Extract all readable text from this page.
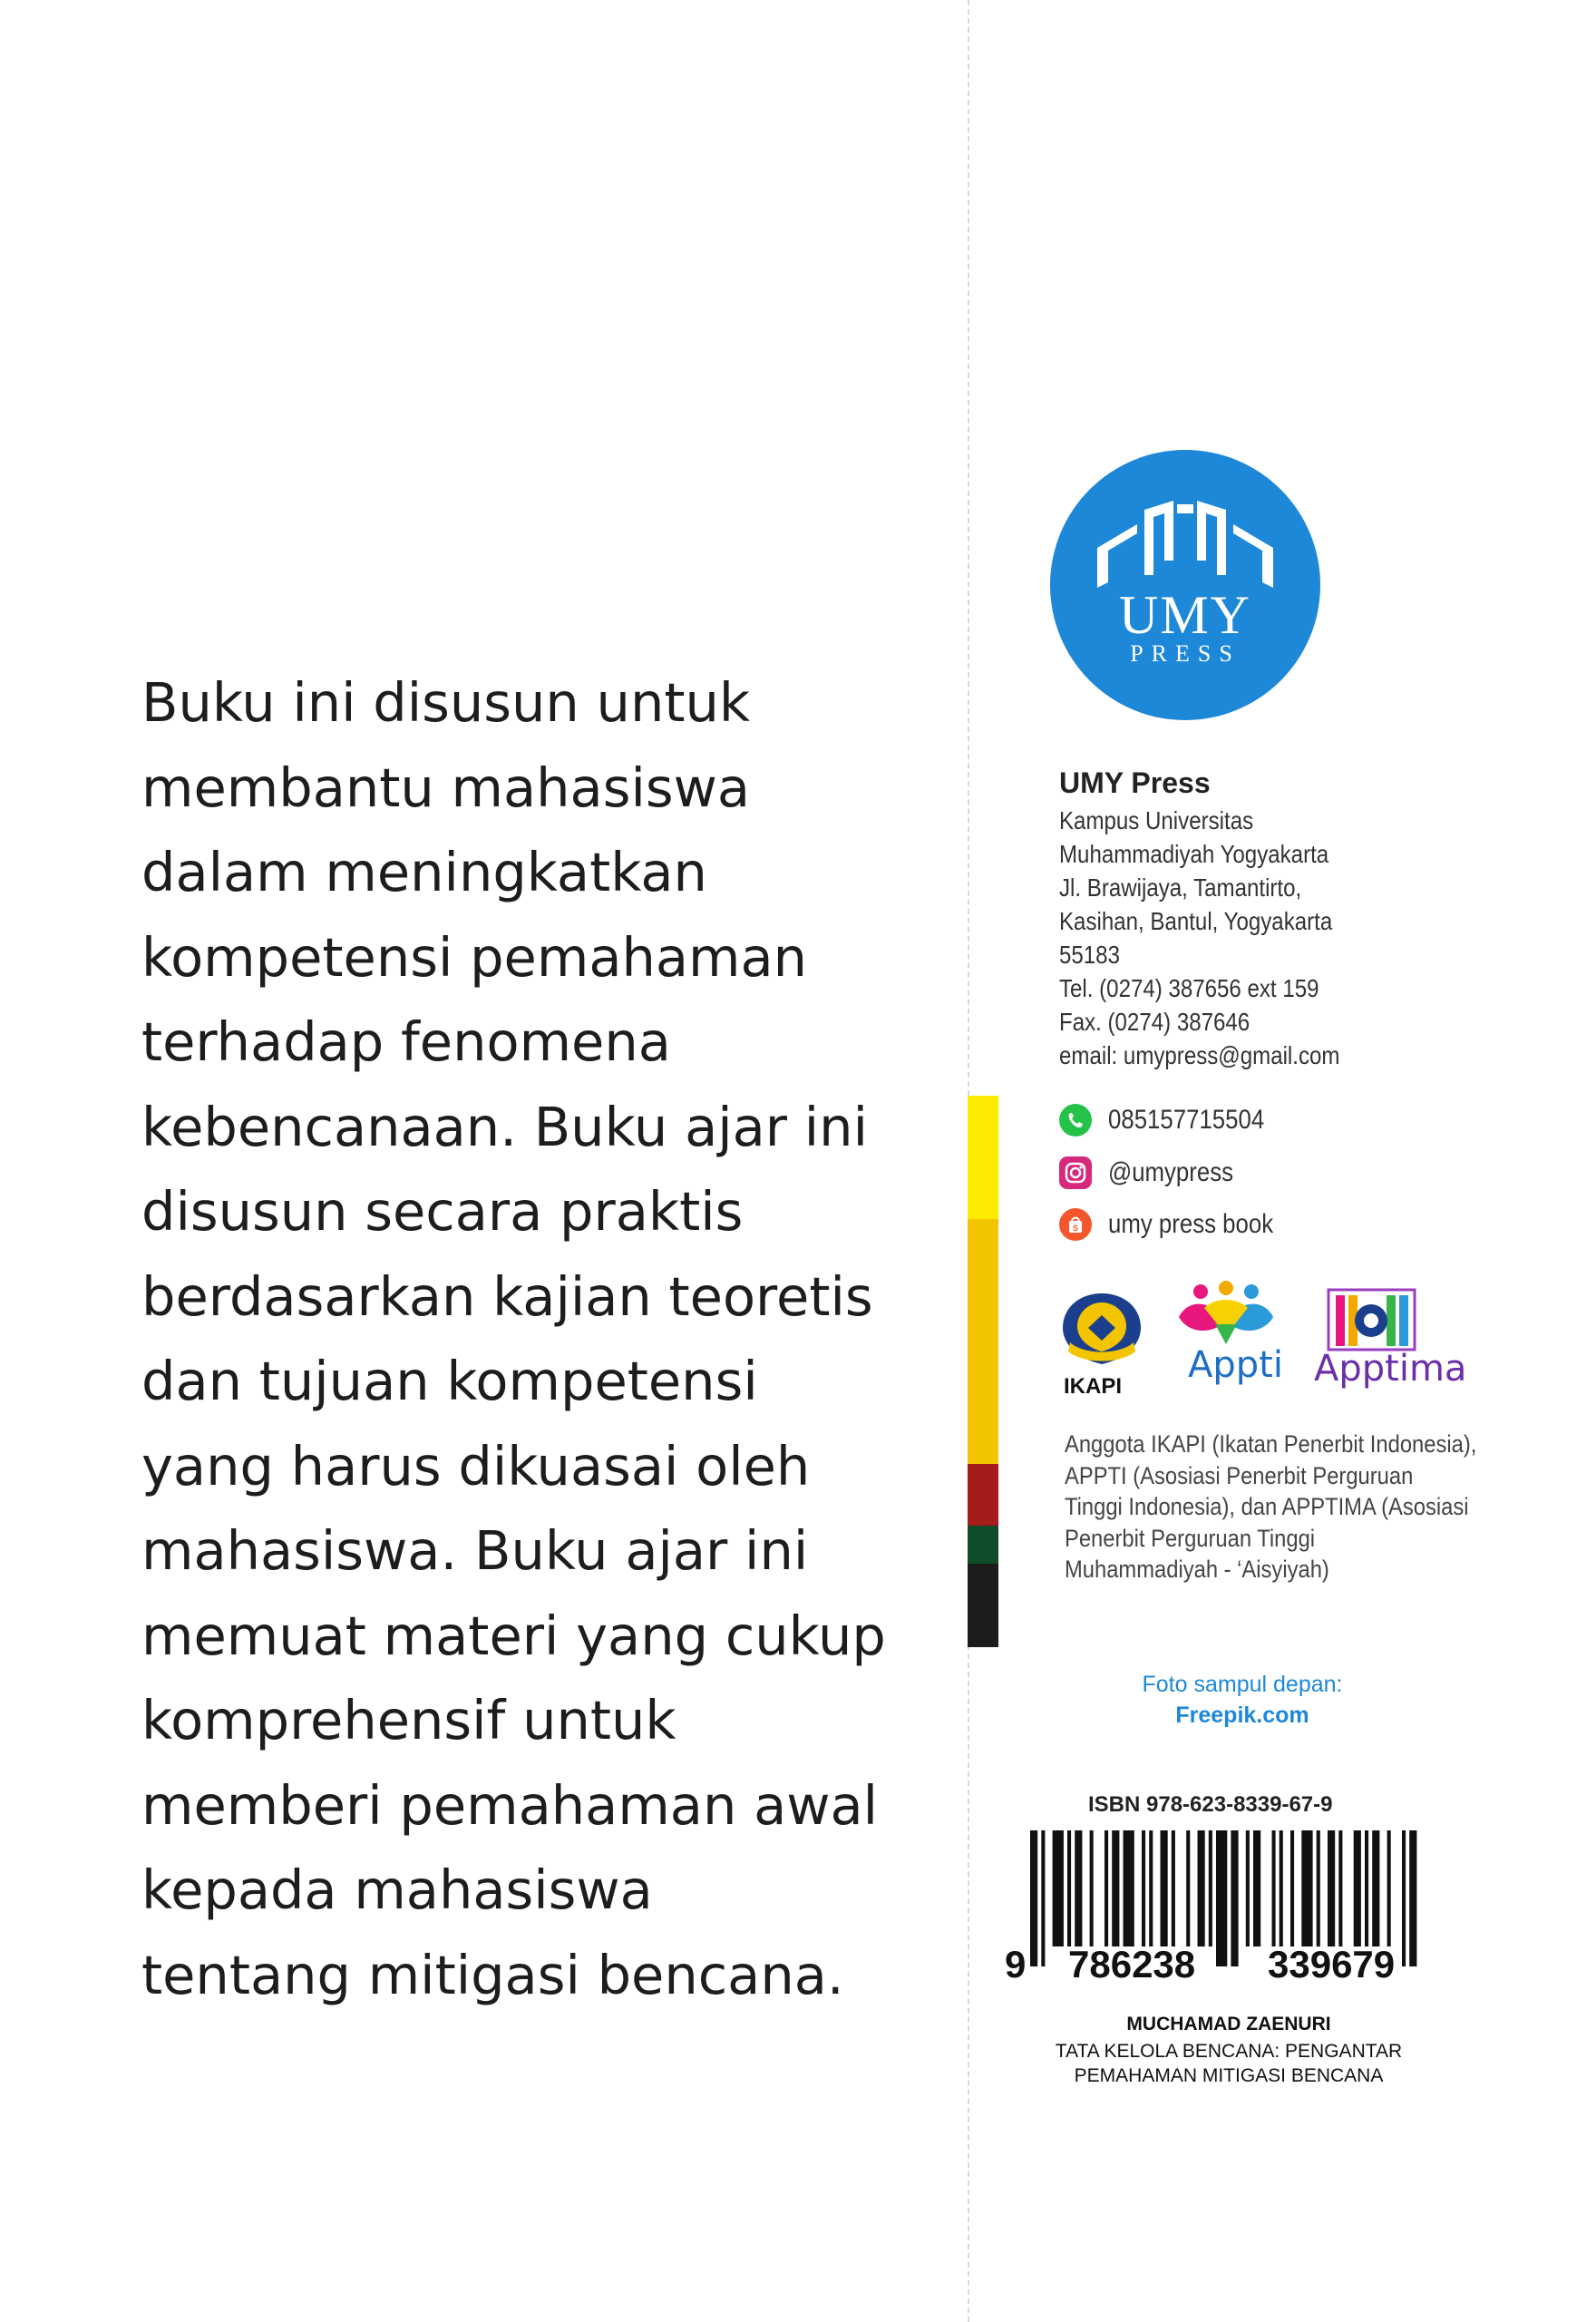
Buku ini disusun untuk
membantu mahasiswa
dalam meningkatkan
kompetensi pemahaman
terhadap fenomena
kebencanaan. Buku ajar ini
disusun secara praktis
berdasarkan kajian teoretis
dan tujuan kompetensi
yang harus dikuasai oleh
mahasiswa. Buku ajar ini
memuat materi yang cukup
komprehensif untuk
memberi pemahaman awal
kepada mahasiswa
tentang mitigasi bencana.
UMY
PRESS
UMY Press
Kampus Universitas
Muhammadiyah Yogyakarta
Jl. Brawijaya, Tamantirto,
Kasihan, Bantul, Yogyakarta
55183
Tel. (0274) 387656 ext 159
Fax. (0274) 387646
email: umypress@gmail.com
085157715504
@umypress
S umy press book
IKAPI
Appti Apptima
Anggota IKAPI (Ikatan Penerbit Indonesia),
APPTI (Asosiasi Penerbit Perguruan
Tinggi Indonesia), dan APPTIMA (Asosiasi
Penerbit Perguruan Tinggi
Muhammadiyah - ‘Aisyiyah)
Foto sampul depan:
Freepik.com
ISBN 978-623-8339-67-9
9 786238 339679
MUCHAMAD ZAENURI
TATA KELOLA BENCANA: PENGANTAR
PEMAHAMAN MITIGASI BENCANA
